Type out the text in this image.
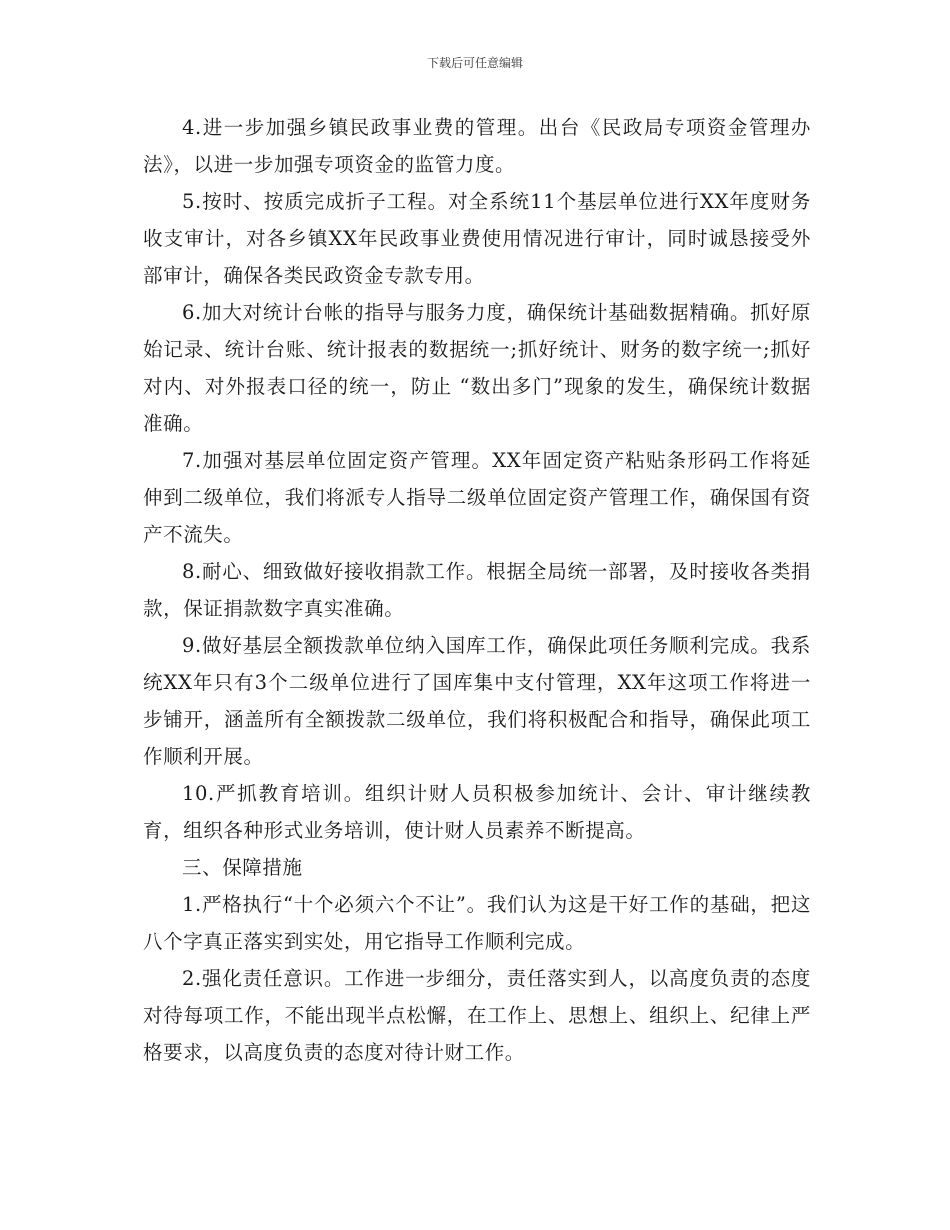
下载后可任意编辑

4.进一步加强乡镇民政事业费的管理。出台《民政局专项资金管理办法》，以进一步加强专项资金的监管力度。

5.按时、按质完成折子工程。对全系统11个基层单位进行XX年度财务收支审计，对各乡镇XX年民政事业费使用情况进行审计，同时诚恳接受外部审计，确保各类民政资金专款专用。

6.加大对统计台帐的指导与服务力度，确保统计基础数据精确。抓好原始记录、统计台账、统计报表的数据统一;抓好统计、财务的数字统一;抓好对内、对外报表口径的统一，防止 “数出多门”现象的发生，确保统计数据准确。

7.加强对基层单位固定资产管理。XX年固定资产粘贴条形码工作将延伸到二级单位，我们将派专人指导二级单位固定资产管理工作，确保国有资产不流失。

8.耐心、细致做好接收捐款工作。根据全局统一部署，及时接收各类捐款，保证捐款数字真实准确。

9.做好基层全额拨款单位纳入国库工作，确保此项任务顺利完成。我系统XX年只有3个二级单位进行了国库集中支付管理，XX年这项工作将进一步铺开，涵盖所有全额拨款二级单位，我们将积极配合和指导，确保此项工作顺利开展。

10.严抓教育培训。组织计财人员积极参加统计、会计、审计继续教育，组织各种形式业务培训，使计财人员素养不断提高。

三、保障措施

1.严格执行“十个必须六个不让”。我们认为这是干好工作的基础，把这八个字真正落实到实处，用它指导工作顺利完成。

2.强化责任意识。工作进一步细分，责任落实到人，以高度负责的态度对待每项工作，不能出现半点松懈，在工作上、思想上、组织上、纪律上严格要求，以高度负责的态度对待计财工作。
